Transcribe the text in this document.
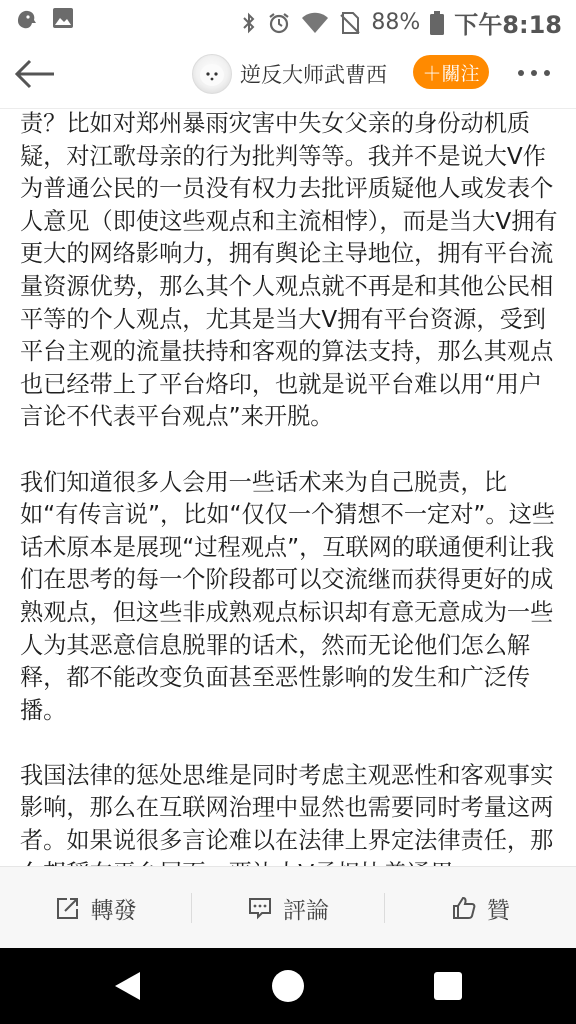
88% 下午8:18
逆反大师武曹西	＋關注

责？比如对郑州暴雨灾害中失女父亲的身份动机质疑，对江歌母亲的行为批判等等。我并不是说大V作为普通公民的一员没有权力去批评质疑他人或发表个人意见（即使这些观点和主流相悖），而是当大V拥有更大的网络影响力，拥有舆论主导地位，拥有平台流量资源优势，那么其个人观点就不再是和其他公民相平等的个人观点，尤其是当大V拥有平台资源，受到平台主观的流量扶持和客观的算法支持，那么其观点也已经带上了平台烙印，也就是说平台难以用“用户言论不代表平台观点”来开脱。

我们知道很多人会用一些话术来为自己脱责，比如“有传言说”，比如“仅仅一个猜想不一定对”。这些话术原本是展现“过程观点”，互联网的联通便利让我们在思考的每一个阶段都可以交流继而获得更好的成熟观点，但这些非成熟观点标识却有意无意成为一些人为其恶意信息脱罪的话术，然而无论他们怎么解释，都不能改变负面甚至恶性影响的发生和广泛传播。

我国法律的惩处思维是同时考虑主观恶性和客观事实影响，那么在互联网治理中显然也需要同时考量这两者。如果说很多言论难以在法律上界定法律责任，那

轉發	評論	贊
